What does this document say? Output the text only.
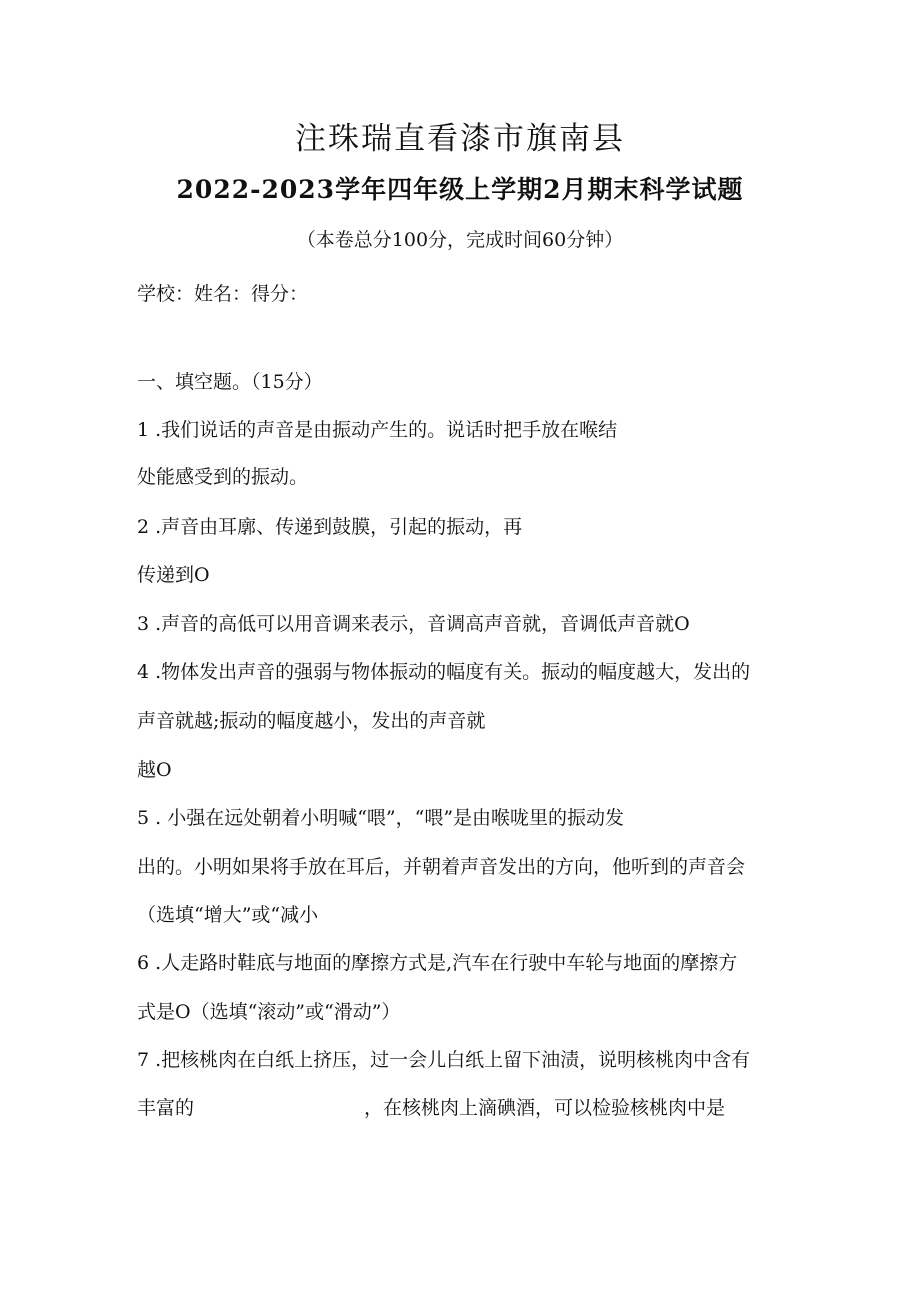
注珠瑞直看漆市旗南县
2022-2023学年四年级上学期2月期末科学试题
（本卷总分100分，完成时间60分钟）
学校：姓名：得分：
一、填空题。（15分）
1 .我们说话的声音是由振动产生的。说话时把手放在喉结
处能感受到的振动。
2 .声音由耳廓、传递到鼓膜，引起的振动，再
传递到O
3 .声音的高低可以用音调来表示，音调高声音就，音调低声音就O
4 .物体发出声音的强弱与物体振动的幅度有关。振动的幅度越大，发出的
声音就越;振动的幅度越小，发出的声音就
越O
5 . 小强在远处朝着小明喊“喂”，“喂”是由喉咙里的振动发
出的。小明如果将手放在耳后，并朝着声音发出的方向，他听到的声音会
（选填“增大”或“减小
6 .人走路时鞋底与地面的摩擦方式是,汽车在行驶中车轮与地面的摩擦方
式是O（选填“滚动”或“滑动”）
7 .把核桃肉在白纸上挤压，过一会儿白纸上留下油渍，说明核桃肉中含有
丰富的	，在核桃肉上滴碘酒，可以检验核桃肉中是
